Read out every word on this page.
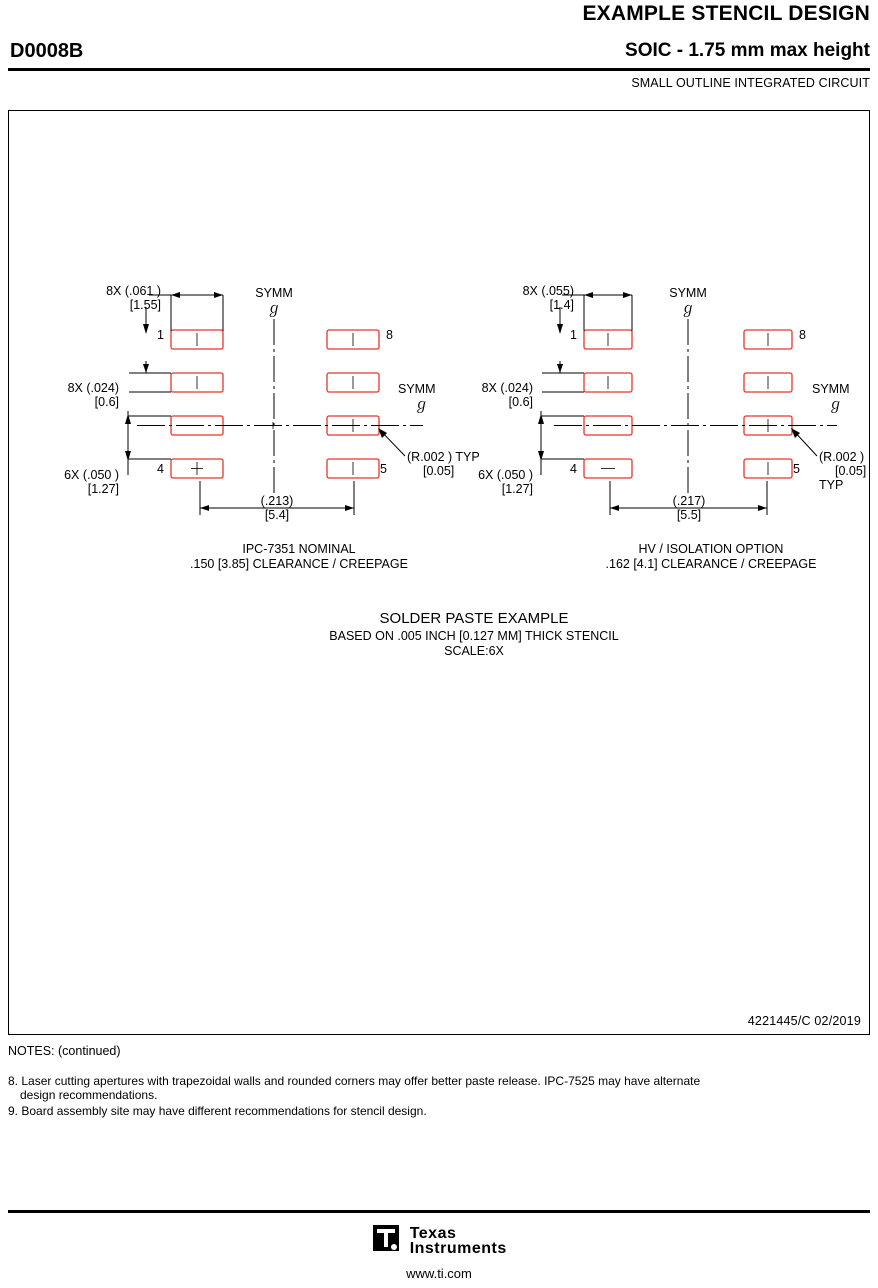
EXAMPLE STENCIL DESIGN
D0008B	SOIC - 1.75 mm max height
SMALL OUTLINE INTEGRATED CIRCUIT
SYMM
ℊ
SYMM
ℊ
8X (.061 )
[1.55]
8X (.024)
[0.6]
6X (.050 )
[1.27]
(.213)
[5.4]
(R.002 ) TYP
[0.05]
1	8
4	5
IPC-7351 NOMINAL
.150 [3.85] CLEARANCE / CREEPAGE
SYMM
ℊ
SYMM
ℊ
8X (.055)
[1.4]
8X (.024)
[0.6]
6X (.050 )
[1.27]
(.217)
[5.5]
(R.002 )
[0.05]
TYP
1	8
4	5
HV / ISOLATION OPTION
.162 [4.1] CLEARANCE / CREEPAGE
SOLDER PASTE EXAMPLE
BASED ON .005 INCH [0.127 MM] THICK STENCIL
SCALE:6X
4221445/C 02/2019
NOTES: (continued)
8. Laser cutting apertures with trapezoidal walls and rounded corners may offer better paste release. IPC-7525 may have alternate
design recommendations.
9. Board assembly site may have different recommendations for stencil design.

Texas
Instruments
www.ti.com
